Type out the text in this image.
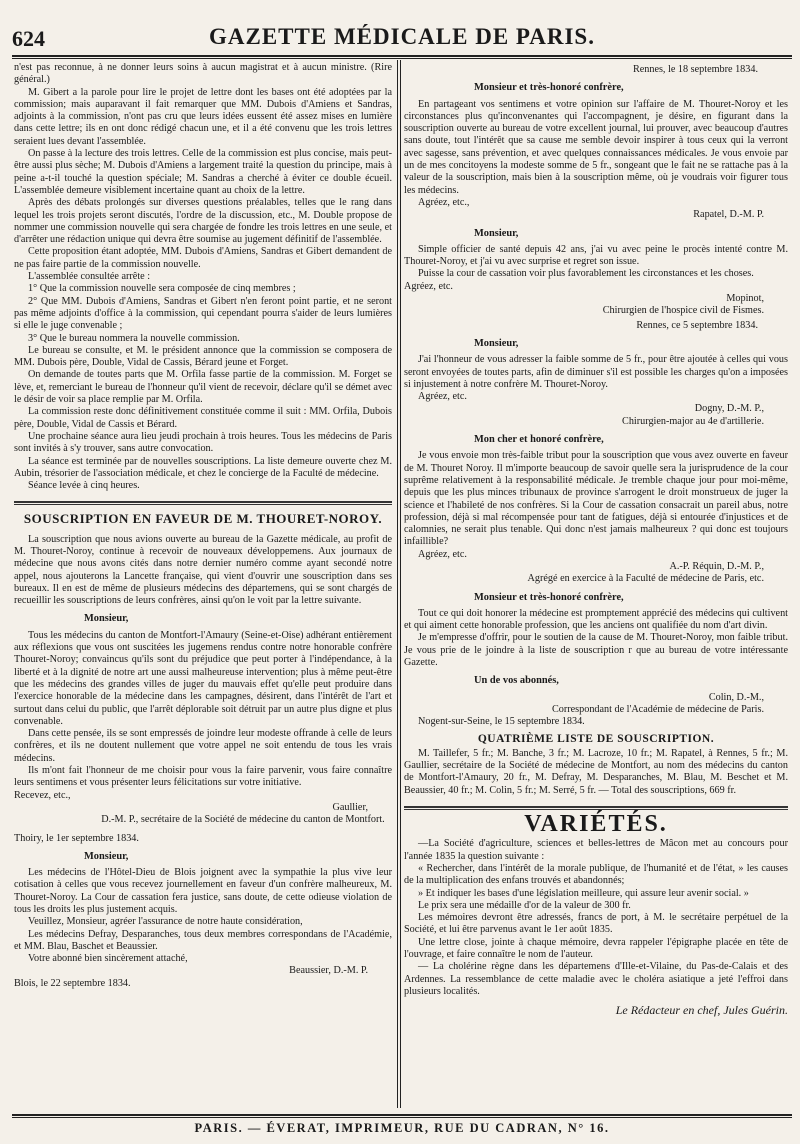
624	GAZETTE MÉDICALE DE PARIS.

n'est pas reconnue, à ne donner leurs soins à aucun magistrat et à aucun ministre. (Rire général.)

M. Gibert a la parole pour lire le projet de lettre dont les bases ont été adoptées par la commission; mais auparavant il fait remarquer que MM. Dubois d'Amiens et Sandras, adjoints à la commission, n'ont pas cru que leurs idées eussent été assez mises en lumière dans cette lettre; ils en ont donc rédigé chacun une, et il a été convenu que les trois lettres seraient lues devant l'assemblée.

On passe à la lecture des trois lettres. Celle de la commission est plus concise, mais peut-être aussi plus sèche; M. Dubois d'Amiens a largement traité la question du principe, mais à peine a-t-il touché la question spéciale; M. Sandras a cherché à éviter ce double écueil. L'assemblée demeure visiblement incertaine quant au choix de la lettre.

Après des débats prolongés sur diverses questions préalables, telles que le rang dans lequel les trois projets seront discutés, l'ordre de la discussion, etc., M. Double propose de nommer une commission nouvelle qui sera chargée de fondre les trois lettres en une seule, et d'arrêter une rédaction unique qui devra être soumise au jugement définitif de l'assemblée.

Cette proposition étant adoptée, MM. Dubois d'Amiens, Sandras et Gibert demandent de ne pas faire partie de la commission nouvelle.

L'assemblée consultée arrête :

1° Que la commission nouvelle sera composée de cinq membres ;

2° Que MM. Dubois d'Amiens, Sandras et Gibert n'en feront point partie, et ne seront pas même adjoints d'office à la commission, qui cependant pourra s'aider de leurs lumières si elle le juge convenable ;

3° Que le bureau nommera la nouvelle commission.

Le bureau se consulte, et M. le président annonce que la commission se composera de MM. Dubois père, Double, Vidal de Cassis, Bérard jeune et Forget.

On demande de toutes parts que M. Orfila fasse partie de la commission. M. Forget se lève, et, remerciant le bureau de l'honneur qu'il vient de recevoir, déclare qu'il se démet avec le désir de voir sa place remplie par M. Orfila.

La commission reste donc définitivement constituée comme il suit : MM. Orfila, Dubois père, Double, Vidal de Cassis et Bérard.

Une prochaine séance aura lieu jeudi prochain à trois heures. Tous les médecins de Paris sont invités à s'y trouver, sans autre convocation.

La séance est terminée par de nouvelles souscriptions. La liste demeure ouverte chez M. Aubin, trésorier de l'association médicale, et chez le concierge de la Faculté de médecine.

Séance levée à cinq heures.

SOUSCRIPTION EN FAVEUR DE M. THOURET-NOROY.

La souscription que nous avions ouverte au bureau de la Gazette médicale, au profit de M. Thouret-Noroy, continue à recevoir de nouveaux développemens. Aux journaux de médecine que nous avons cités dans notre dernier numéro comme ayant secondé notre appel, nous ajouterons la Lancette française, qui vient d'ouvrir une souscription dans ses bureaux. Il en est de même de plusieurs médecins des départemens, qui se sont chargés de recueillir les souscriptions de leurs confrères, ainsi qu'on le voit par la lettre suivante.

Monsieur,

Tous les médecins du canton de Montfort-l'Amaury (Seine-et-Oise) adhérant entièrement aux réflexions que vous ont suscitées les jugemens rendus contre notre honorable confrère Thouret-Noroy; convaincus qu'ils sont du préjudice que peut porter à l'indépendance, à la liberté et à la dignité de notre art une aussi malheureuse intervention; plus à même peut-être que les médecins des grandes villes de juger du mauvais effet qu'elle peut produire dans l'exercice honorable de la médecine dans les campagnes, désirent, dans l'intérêt de l'art et surtout dans celui du public, que l'arrêt déplorable soit détruit par un autre plus digne et plus convenable.

Dans cette pensée, ils se sont empressés de joindre leur modeste offrande à celle de leurs confrères, et ils ne doutent nullement que votre appel ne soit entendu de tous les vrais médecins.

Ils m'ont fait l'honneur de me choisir pour vous la faire parvenir, vous faire connaître leurs sentimens et vous présenter leurs félicitations sur votre initiative.

Recevez, etc.,

Gaullier,

D.-M. P., secrétaire de la Société de médecine du canton de Montfort.

Thoiry, le 1er septembre 1834.

Monsieur,

Les médecins de l'Hôtel-Dieu de Blois joignent avec la sympathie la plus vive leur cotisation à celles que vous recevez journellement en faveur d'un confrère malheureux, M. Thouret-Noroy. La Cour de cassation fera justice, sans doute, de cette odieuse violation de tous les droits les plus justement acquis.

Veuillez, Monsieur, agréer l'assurance de notre haute considération,

Les médecins Defray, Desparanches, tous deux membres correspondans de l'Académie, et MM. Blau, Baschet et Beaussier.

Votre abonné bien sincèrement attaché,

Beaussier, D.-M. P.

Blois, le 22 septembre 1834.

Rennes, le 18 septembre 1834.

Monsieur et très-honoré confrère,

En partageant vos sentimens et votre opinion sur l'affaire de M. Thouret-Noroy et les circonstances plus qu'inconvenantes qui l'accompagnent, je désire, en figurant dans la souscription ouverte au bureau de votre excellent journal, lui prouver, avec beaucoup d'autres sans doute, tout l'intérêt que sa cause me semble devoir inspirer à tous ceux qui la verront avec sagesse, sans prévention, et avec quelques connaissances médicales. Je vous envoie par un de mes concitoyens la modeste somme de 5 fr., songeant que le fait ne se rattache pas à la valeur de la souscription, mais bien à la souscription même, où je voudrais voir figurer tous les médecins.

Agréez, etc.,

Rapatel, D.-M. P.

Monsieur,

Simple officier de santé depuis 42 ans, j'ai vu avec peine le procès intenté contre M. Thouret-Noroy, et j'ai vu avec surprise et regret son issue.

Puisse la cour de cassation voir plus favorablement les circonstances et les choses.

Agréez, etc.

Mopinot,

Chirurgien de l'hospice civil de Fismes.

Rennes, ce 5 septembre 1834.

Monsieur,

J'ai l'honneur de vous adresser la faible somme de 5 fr., pour être ajoutée à celles qui vous seront envoyées de toutes parts, afin de diminuer s'il est possible les charges qu'on a imposées si injustement à notre confrère M. Thouret-Noroy.

Agréez, etc.

Dogny, D.-M. P.,

Chirurgien-major au 4e d'artillerie.

Mon cher et honoré confrère,

Je vous envoie mon très-faible tribut pour la souscription que vous avez ouverte en faveur de M. Thouret Noroy. Il m'importe beaucoup de savoir quelle sera la jurisprudence de la cour suprême relativement à la responsabilité médicale. Je tremble chaque jour pour moi-même, depuis que les plus minces tribunaux de province s'arrogent le droit monstrueux de juger la science et l'habileté de nos confrères. Si la Cour de cassation consacrait un pareil abus, notre profession, déjà si mal récompensée pour tant de fatigues, déjà si entourée d'injustices et de calomnies, ne serait plus tenable. Qui donc n'est jamais malheureux ? qui donc est toujours infaillible?

Agréez, etc.

A.-P. Réquin, D.-M. P.,

Agrégé en exercice à la Faculté de médecine de Paris, etc.

Monsieur et très-honoré confrère,

Tout ce qui doit honorer la médecine est promptement apprécié des médecins qui cultivent et qui aiment cette honorable profession, que les anciens ont qualifiée du nom d'art divin.

Je m'empresse d'offrir, pour le soutien de la cause de M. Thouret-Noroy, mon faible tribut. Je vous prie de le joindre à la liste de souscription r que au bureau de votre intéressante Gazette.

Un de vos abonnés,

Colin, D.-M.,

Correspondant de l'Académie de médecine de Paris.

Nogent-sur-Seine, le 15 septembre 1834.

QUATRIÈME LISTE DE SOUSCRIPTION.

M. Taillefer, 5 fr.; M. Banche, 3 fr.; M. Lacroze, 10 fr.; M. Rapatel, à Rennes, 5 fr.; M. Gaullier, secrétaire de la Société de médecine de Montfort, au nom des médecins du canton de Montfort-l'Amaury, 20 fr., M. Defray, M. Desparanches, M. Blau, M. Beschet et M. Beaussier, 40 fr.; M. Colin, 5 fr.; M. Serré, 5 fr. — Total des souscriptions, 669 fr.

VARIÉTÉS.

—La Société d'agriculture, sciences et belles-lettres de Mâcon met au concours pour l'année 1835 la question suivante :

« Rechercher, dans l'intérêt de la morale publique, de l'humanité et de l'état, » les causes de la multiplication des enfans trouvés et abandonnés;

» Et indiquer les bases d'une législation meilleure, qui assure leur avenir social. »

Le prix sera une médaille d'or de la valeur de 300 fr.

Les mémoires devront être adressés, francs de port, à M. le secrétaire perpétuel de la Société, et lui être parvenus avant le 1er août 1835.

Une lettre close, jointe à chaque mémoire, devra rappeler l'épigraphe placée en tête de l'ouvrage, et faire connaître le nom de l'auteur.

— La cholérine règne dans les départemens d'Ille-et-Vilaine, du Pas-de-Calais et des Ardennes. La ressemblance de cette maladie avec le choléra asiatique a jeté l'effroi dans plusieurs localités.

Le Rédacteur en chef, Jules Guérin.

PARIS. — ÉVERAT, IMPRIMEUR, RUE DU CADRAN, N° 16.
